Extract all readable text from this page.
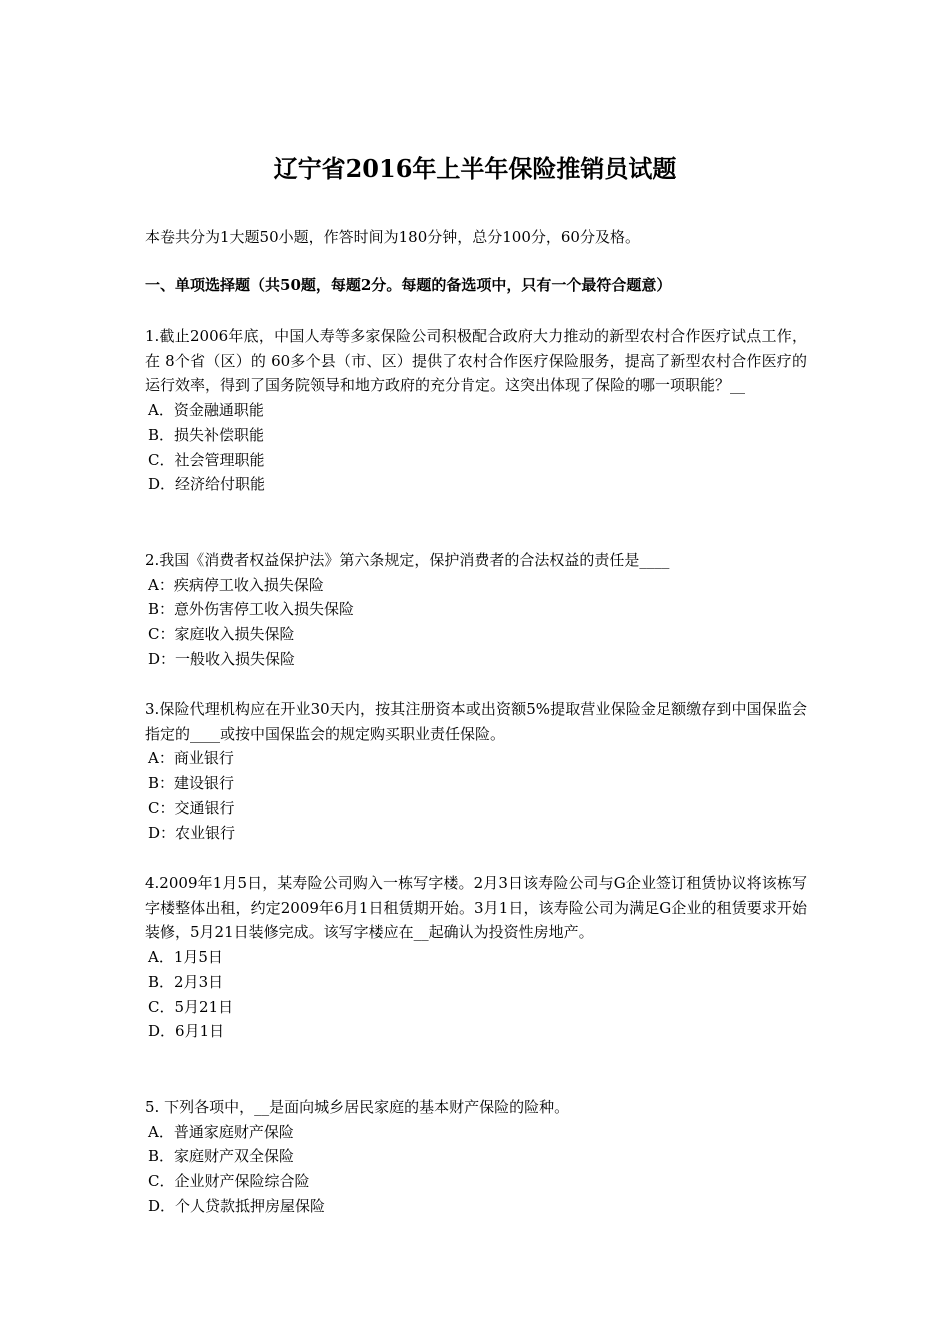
辽宁省2016年上半年保险推销员试题

本卷共分为1大题50小题，作答时间为180分钟，总分100分，60分及格。

一、单项选择题（共50题，每题2分。每题的备选项中，只有一个最符合题意）

1.截止2006年底，中国人寿等多家保险公司积极配合政府大力推动的新型农村合作医疗试点工作，在 8个省（区）的 60多个县（市、区）提供了农村合作医疗保险服务，提高了新型农村合作医疗的运行效率，得到了国务院领导和地方政府的充分肯定。这突出体现了保险的哪一项职能？__

A．资金融通职能
B．损失补偿职能
C．社会管理职能
D．经济给付职能

2.我国《消费者权益保护法》第六条规定，保护消费者的合法权益的责任是____

A：疾病停工收入损失保险
B：意外伤害停工收入损失保险
C：家庭收入损失保险
D：一般收入损失保险

3.保险代理机构应在开业30天内，按其注册资本或出资额5%提取营业保险金足额缴存到中国保监会指定的____或按中国保监会的规定购买职业责任保险。

A：商业银行
B：建设银行
C：交通银行
D：农业银行

4.2009年1月5日，某寿险公司购入一栋写字楼。2月3日该寿险公司与G企业签订租赁协议将该栋写字楼整体出租，约定2009年6月1日租赁期开始。3月1日，该寿险公司为满足G企业的租赁要求开始装修，5月21日装修完成。该写字楼应在__起确认为投资性房地产。

A．1月5日
B．2月3日
C．5月21日
D．6月1日

5. 下列各项中，__是面向城乡居民家庭的基本财产保险的险种。

A．普通家庭财产保险
B．家庭财产双全保险
C．企业财产保险综合险
D．个人贷款抵押房屋保险
